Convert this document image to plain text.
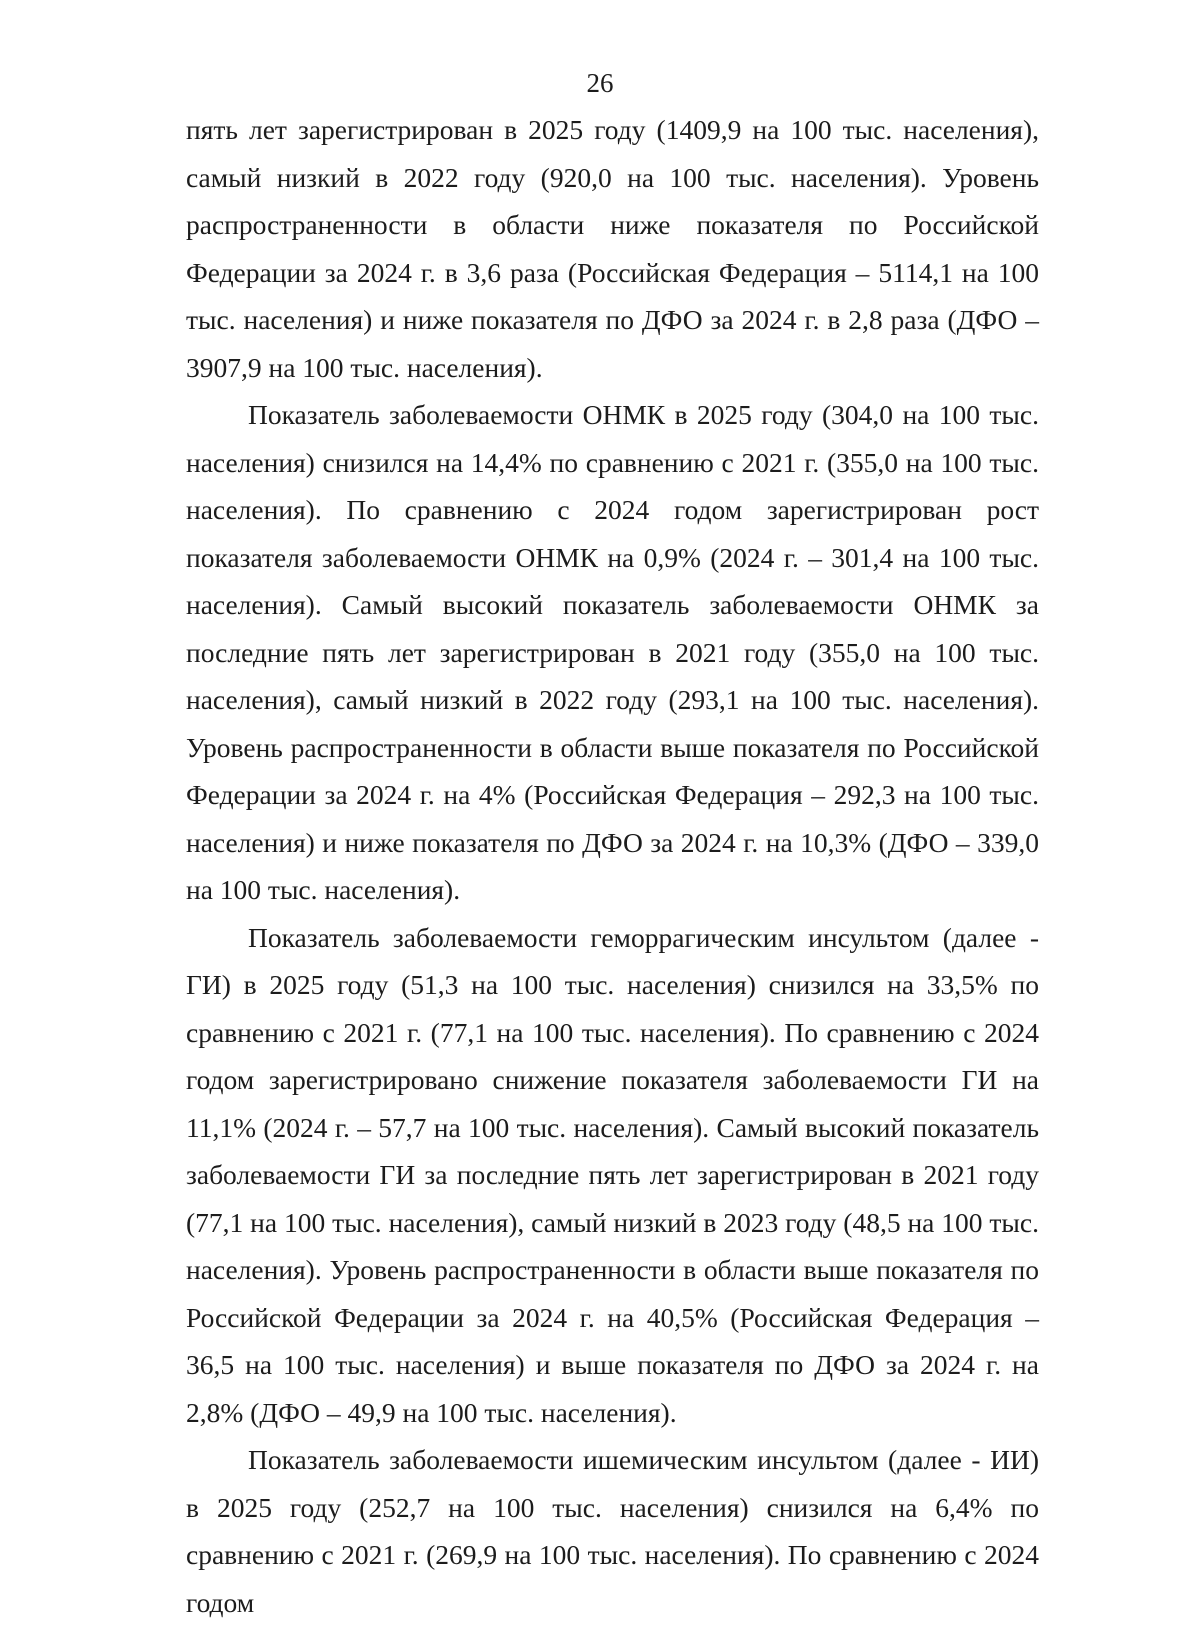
26

пять лет зарегистрирован в 2025 году (1409,9 на 100 тыс. населения), самый низкий в 2022 году (920,0 на 100 тыс. населения). Уровень распространенности в области ниже показателя по Российской Федерации за 2024 г. в 3,6 раза (Российская Федерация – 5114,1 на 100 тыс. населения) и ниже показателя по ДФО за 2024 г. в 2,8 раза (ДФО – 3907,9 на 100 тыс. населения).

Показатель заболеваемости ОНМК в 2025 году (304,0 на 100 тыс. населения) снизился на 14,4% по сравнению с 2021 г. (355,0 на 100 тыс. населения). По сравнению с 2024 годом зарегистрирован рост показателя заболеваемости ОНМК на 0,9% (2024 г. – 301,4 на 100 тыс. населения). Самый высокий показатель заболеваемости ОНМК за последние пять лет зарегистрирован в 2021 году (355,0 на 100 тыс. населения), самый низкий в 2022 году (293,1 на 100 тыс. населения). Уровень распространенности в области выше показателя по Российской Федерации за 2024 г. на 4% (Российская Федерация – 292,3 на 100 тыс. населения) и ниже показателя по ДФО за 2024 г. на 10,3% (ДФО – 339,0 на 100 тыс. населения).

Показатель заболеваемости геморрагическим инсультом (далее - ГИ) в 2025 году (51,3 на 100 тыс. населения) снизился на 33,5% по сравнению с 2021 г. (77,1 на 100 тыс. населения). По сравнению с 2024 годом зарегистрировано снижение показателя заболеваемости ГИ на 11,1% (2024 г. – 57,7 на 100 тыс. населения). Самый высокий показатель заболеваемости ГИ за последние пять лет зарегистрирован в 2021 году (77,1 на 100 тыс. населения), самый низкий в 2023 году (48,5 на 100 тыс. населения). Уровень распространенности в области выше показателя по Российской Федерации за 2024 г. на 40,5% (Российская Федерация – 36,5 на 100 тыс. населения) и выше показателя по ДФО за 2024 г. на 2,8% (ДФО – 49,9 на 100 тыс. населения).

Показатель заболеваемости ишемическим инсультом (далее - ИИ) в 2025 году (252,7 на 100 тыс. населения) снизился на 6,4% по сравнению с 2021 г. (269,9 на 100 тыс. населения). По сравнению с 2024 годом
